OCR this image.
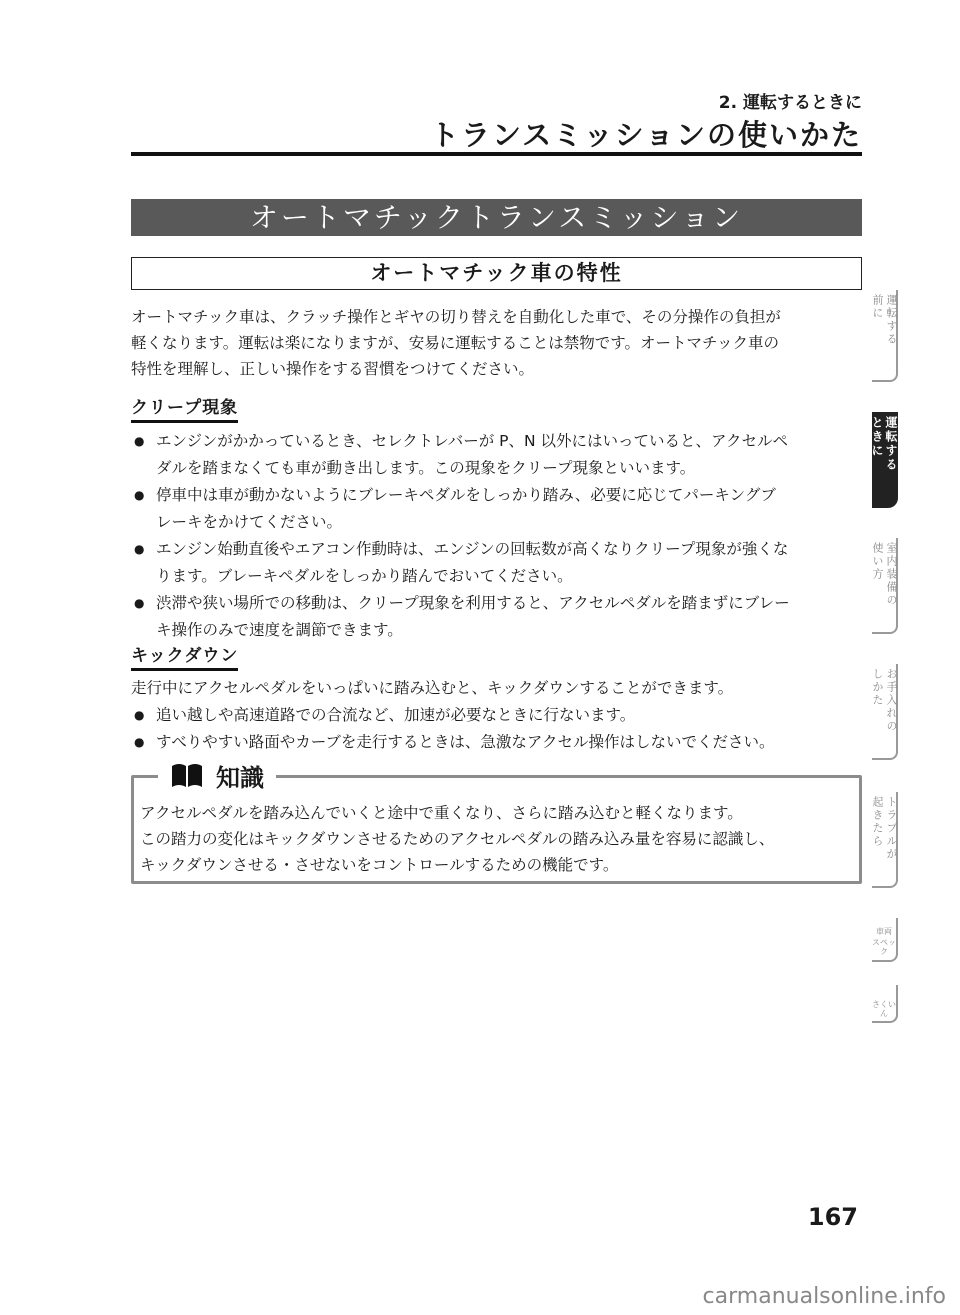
2. 運転するときに
トランスミッションの使いかた
オートマチックトランスミッション
オートマチック車の特性
オートマチック車は、クラッチ操作とギヤの切り替えを自動化した車で、その分操作の負担が
軽くなります。運転は楽になりますが、安易に運転することは禁物です。オートマチック車の
特性を理解し、正しい操作をする習慣をつけてください。
クリープ現象
● エンジンがかかっているとき、セレクトレバーが P、N 以外にはいっていると、アクセルペ
ダルを踏まなくても車が動き出します。この現象をクリープ現象といいます。
● 停車中は車が動かないようにブレーキペダルをしっかり踏み、必要に応じてパーキングブ
レーキをかけてください。
● エンジン始動直後やエアコン作動時は、エンジンの回転数が高くなりクリープ現象が強くな
ります。ブレーキペダルをしっかり踏んでおいてください。
● 渋滞や狭い場所での移動は、クリープ現象を利用すると、アクセルペダルを踏まずにブレー
キ操作のみで速度を調節できます。
キックダウン
走行中にアクセルペダルをいっぱいに踏み込むと、キックダウンすることができます。
● 追い越しや高速道路での合流など、加速が必要なときに行ないます。
● すべりやすい路面やカーブを走行するときは、急激なアクセル操作はしないでください。
知識
アクセルペダルを踏み込んでいくと途中で重くなり、さらに踏み込むと軽くなります。
この踏力の変化はキックダウンさせるためのアクセルペダルの踏み込み量を容易に認識し、
キックダウンさせる・させないをコントロールするための機能です。
運転する
前に
運転する
ときに
室内装備の
使い方
お手入れの
しかた
トラブルが
起きたら
車両
スペック
さくいん
167
carmanualsonline.info
